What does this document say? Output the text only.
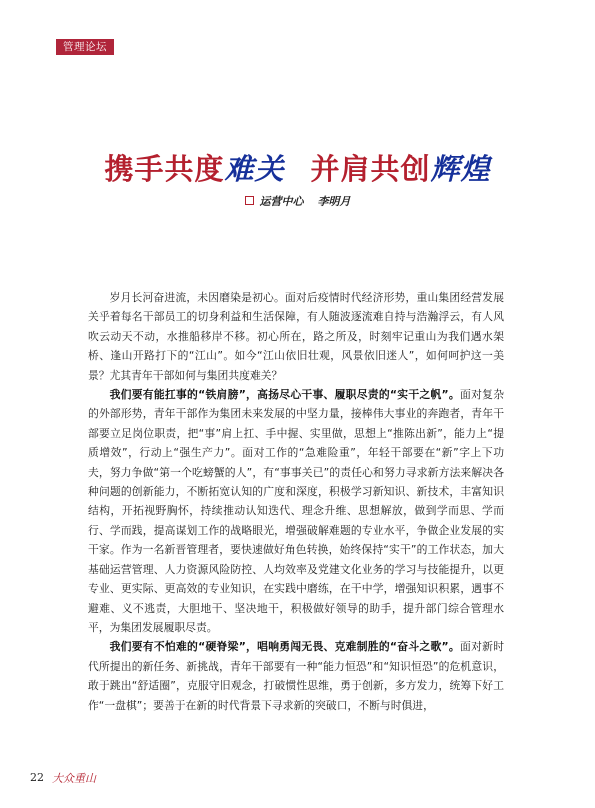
管理论坛
携手共度难关 并肩共创辉煌
运营中心 李明月

岁月长河奋进流，未因磨染是初心。面对后疫情时代经济形势，重山集团经营发展关乎着每名干部员工的切身利益和生活保障，有人随波逐流难自持与浩瀚浮云，有人风吹云动天不动，水推船移岸不移。初心所在，路之所及，时刻牢记重山为我们遇水架桥、逢山开路打下的“江山”。如今“江山依旧壮观，风景依旧迷人”，如何呵护这一美景？尤其青年干部如何与集团共度难关？

我们要有能扛事的“铁肩膀”，高扬尽心干事、履职尽责的“实干之帆”。面对复杂的外部形势，青年干部作为集团未来发展的中坚力量，接棒伟大事业的奔跑者，青年干部要立足岗位职责，把“事”肩上扛、手中握、实里做，思想上“推陈出新”，能力上“提质增效”，行动上“强生产力”。面对工作的“急难险重”，年轻干部要在“新”字上下功夫，努力争做“第一个吃螃蟹的人”，有“事事关已”的责任心和努力寻求新方法来解决各种问题的创新能力，不断拓宽认知的广度和深度，积极学习新知识、新技术，丰富知识结构，开拓视野胸怀，持续推动认知迭代、理念升维、思想解放，做到学而思、学而行、学而践，提高谋划工作的战略眼光，增强破解难题的专业水平，争做企业发展的实干家。作为一名新晋管理者，要快速做好角色转换，始终保持“实干”的工作状态，加大基础运营管理、人力资源风险防控、人均效率及党建文化业务的学习与技能提升，以更专业、更实际、更高效的专业知识，在实践中磨练，在干中学，增强知识积累，遇事不避难、义不逃责，大胆地干、坚决地干，积极做好领导的助手，提升部门综合管理水平，为集团发展履职尽责。

我们要有不怕难的“硬脊梁”，唱响勇闯无畏、克难制胜的“奋斗之歌”。面对新时代所提出的新任务、新挑战，青年干部要有一种“能力恒恐”和“知识恒恐”的危机意识，敢于跳出“舒适圈”，克服守旧观念，打破惯性思维，勇于创新，多方发力，统筹下好工作“一盘棋”；要善于在新的时代背景下寻求新的突破口，不断与时俱进，

22 大众重山
